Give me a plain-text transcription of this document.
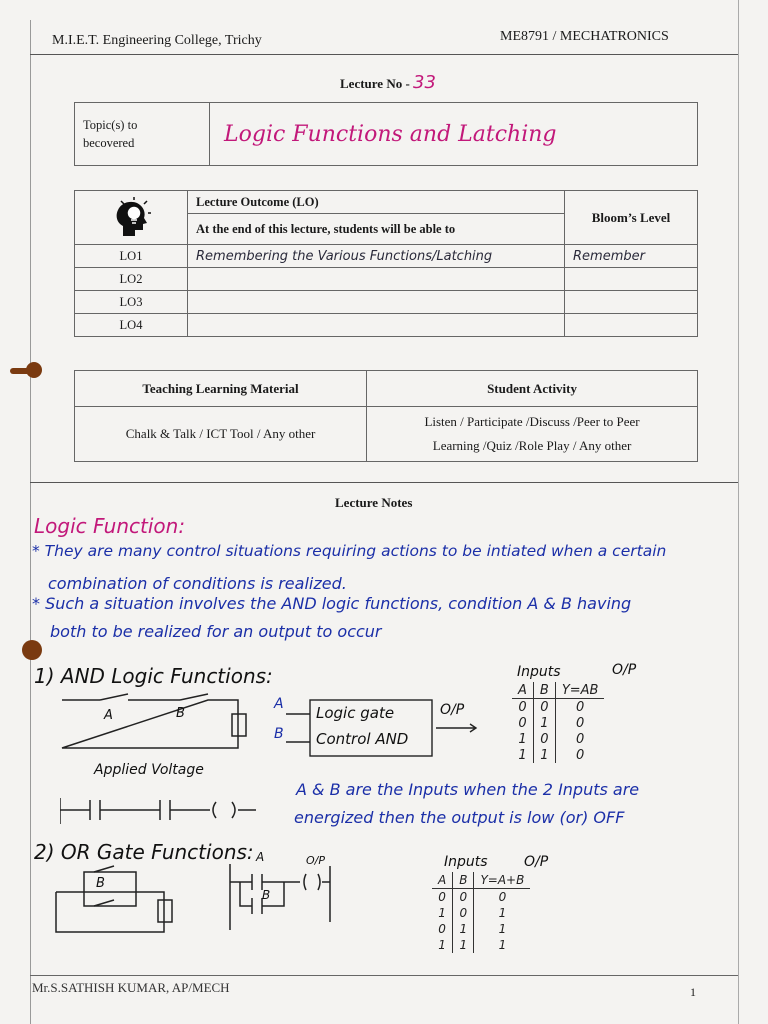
M.I.E.T. Engineering College, Trichy	ME8791 / MECHATRONICS
Lecture No - 33
Topic(s) to
becovered	Logic Functions and Latching
	Lecture Outcome (LO)	Bloom’s Level
	At the end of this lecture, students will be able to	
LO1	Remembering the Various Functions/Latching	Remember
LO2		
LO3		
LO4		
Teaching Learning Material	Student Activity
Chalk & Talk / ICT Tool / Any other	Listen / Participate /Discuss /Peer to Peer
Learning /Quiz /Role Play / Any other
Lecture Notes
Logic Function:
* They are many control situations requiring actions to be intiated when a certain
combination of conditions is realized.
* Such a situation involves the AND logic functions, condition A & B having
both to be realized for an output to occur
1) AND Logic Functions:
A	B
Applied Voltage
A
B
Logic gate
Control AND
O/P
Inputs	O/P
A	B	Y=AB
0	0	0
0	1	0
1	0	0
1	1	0
A & B are the Inputs when the 2 Inputs are
energized then the output is low (or) OFF
2) OR Gate Functions:
B
A
B
O/P	Inputs	O/P
A	B	Y=A+B
0	0	0
1	0	1
0	1	1
1	1	1
Mr.S.SATHISH KUMAR, AP/MECH	1
